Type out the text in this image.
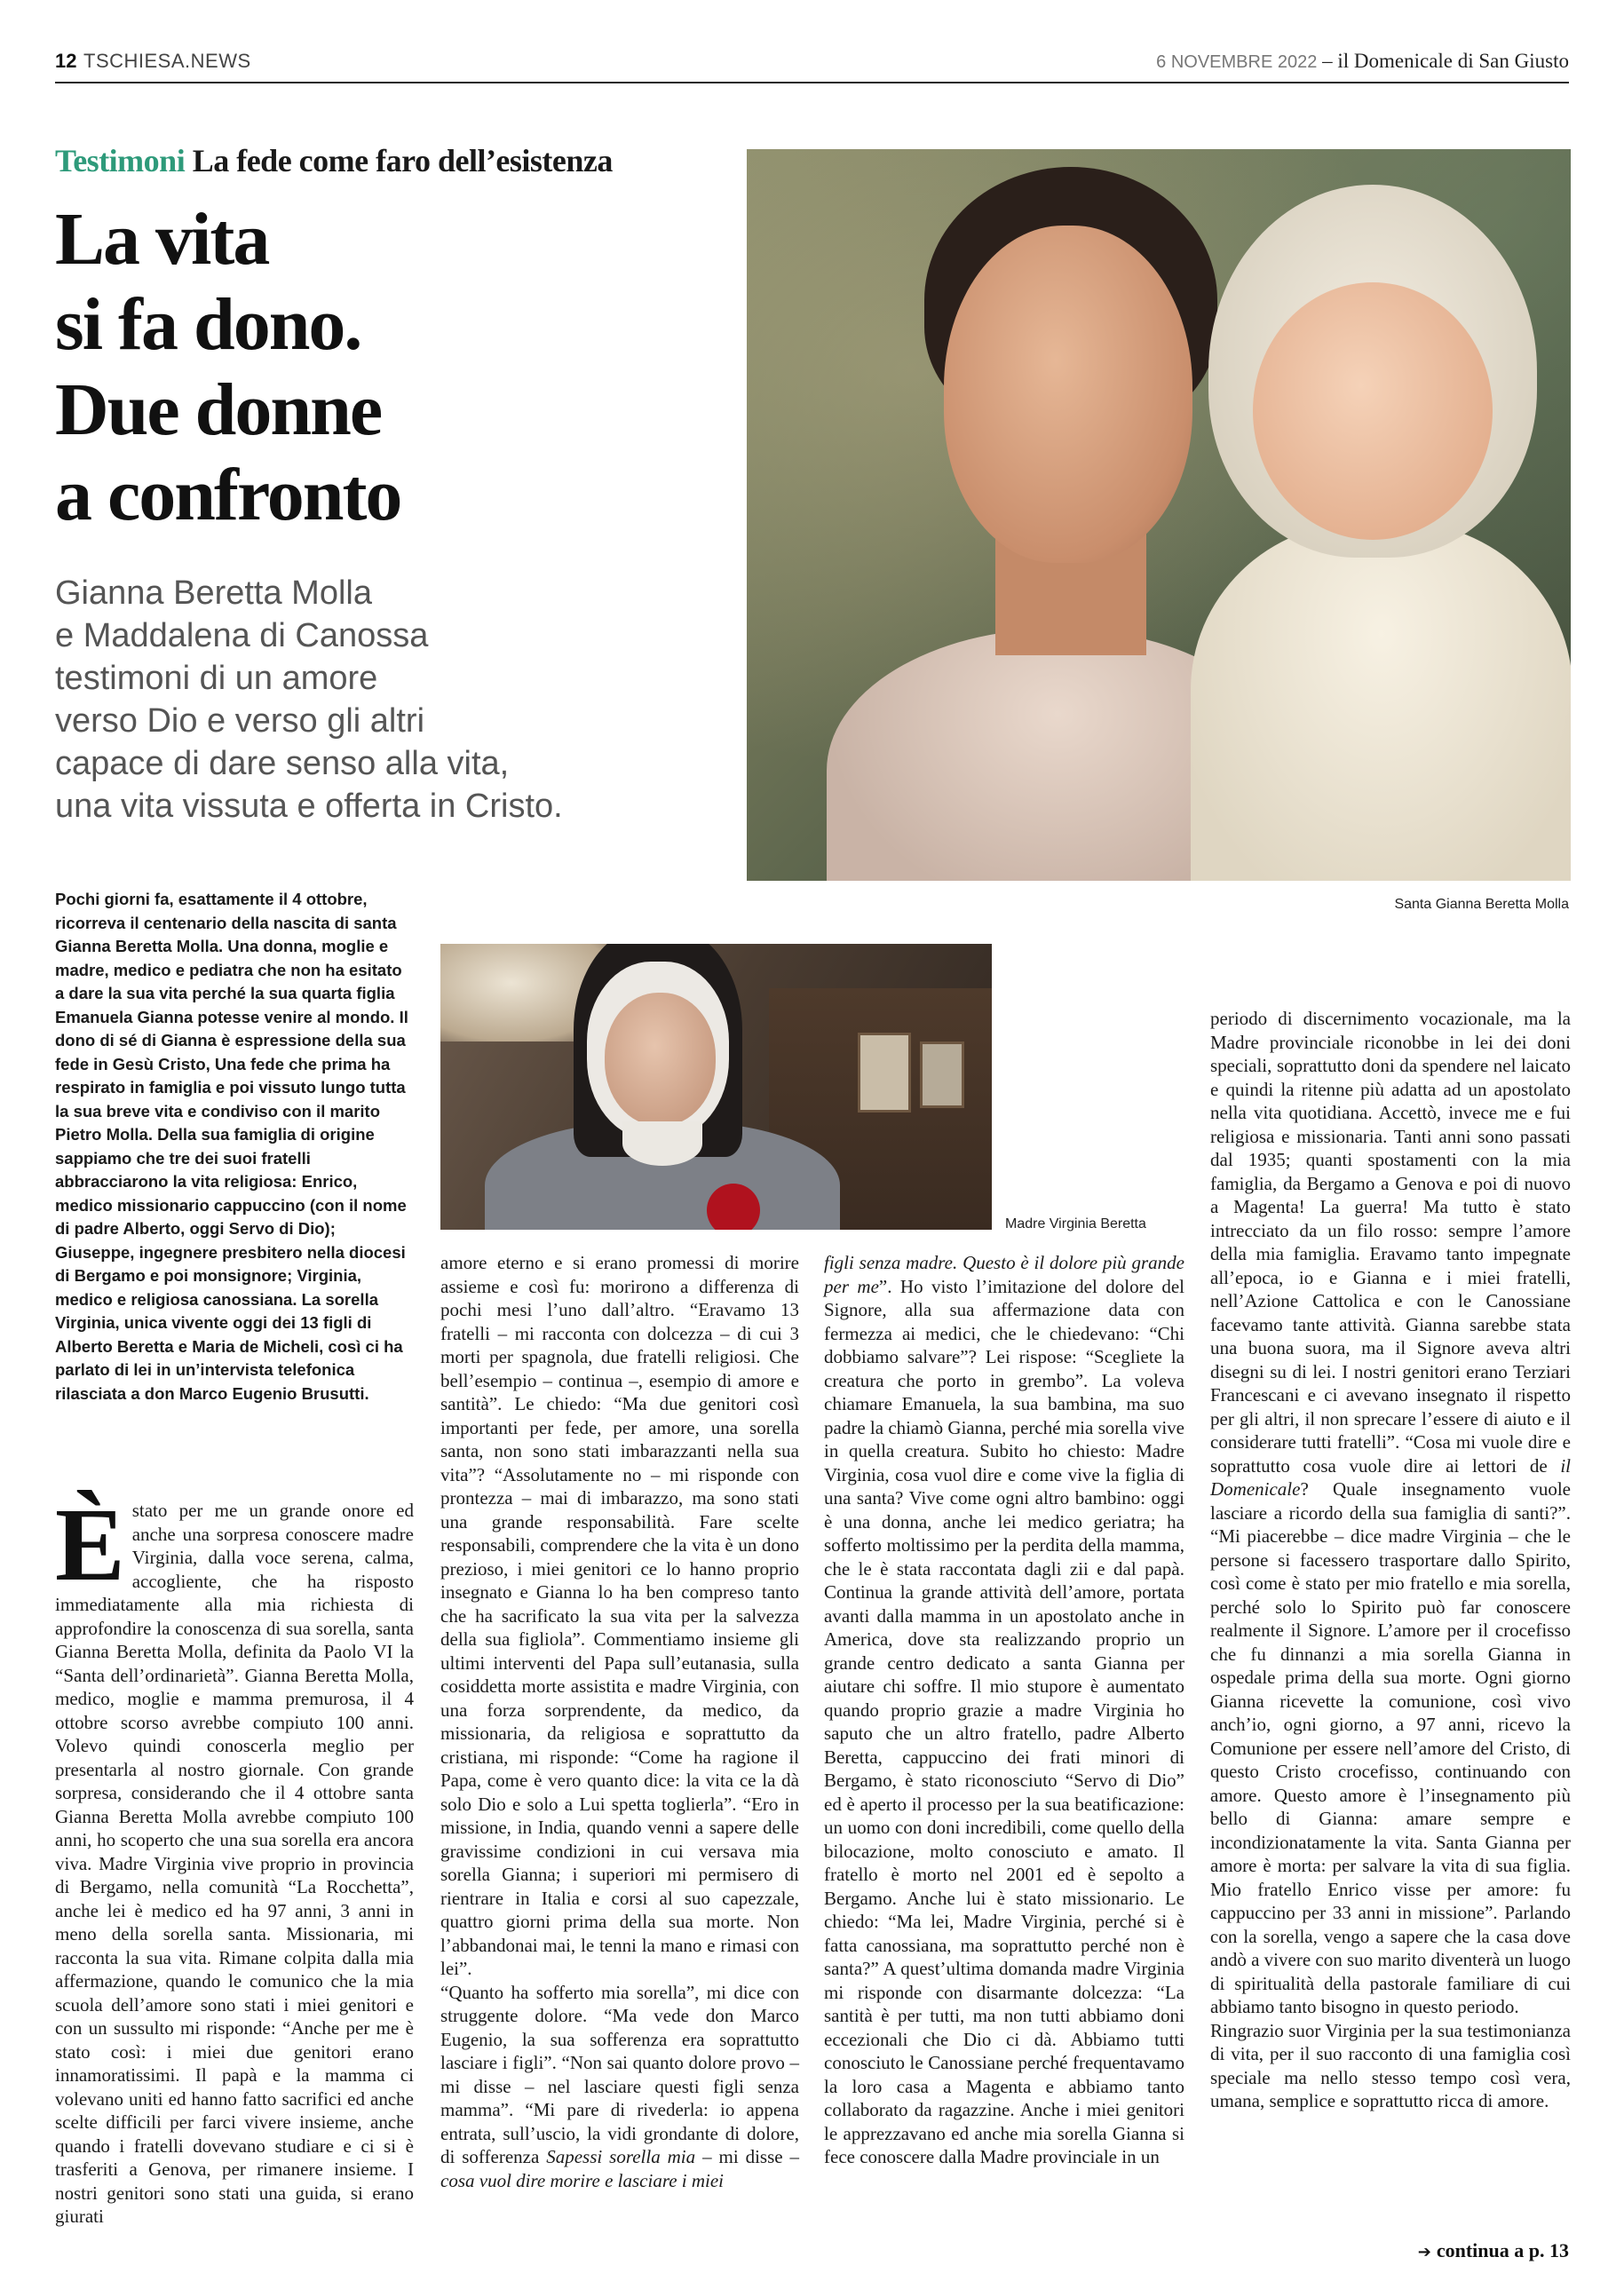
12 TSCHIESA.NEWS	6 NOVEMBRE 2022 – il Domenicale di San Giusto
Testimoni La fede come faro dell’esistenza
La vita
si fa dono.
Due donne
a confronto
Gianna Beretta Molla
e Maddalena di Canossa
testimoni di un amore
verso Dio e verso gli altri
capace di dare senso alla vita,
una vita vissuta e offerta in Cristo.
Santa Gianna Beretta Molla
Pochi giorni fa, esattamente il 4 ottobre, ricorreva il centenario della nascita di santa Gianna Beretta Molla. Una donna, moglie e madre, medico e pediatra che non ha esitato a dare la sua vita perché la sua quarta figlia Emanuela Gianna potesse venire al mondo. Il dono di sé di Gianna è espressione della sua fede in Gesù Cristo, Una fede che prima ha respirato in famiglia e poi vissuto lungo tutta la sua breve vita e condiviso con il marito Pietro Molla. Della sua famiglia di origine sappiamo che tre dei suoi fratelli abbracciarono la vita religiosa: Enrico, medico missionario cappuccino (con il nome di padre Alberto, oggi Servo di Dio); Giuseppe, ingegnere presbitero nella diocesi di Bergamo e poi monsignore; Virginia, medico e religiosa canossiana. La sorella Virginia, unica vivente oggi dei 13 figli di Alberto Beretta e Maria de Micheli, così ci ha parlato di lei in un’intervista telefonica rilasciata a don Marco Eugenio Brusutti.
Madre Virginia Beretta
Èstato per me un grande onore ed anche una sorpresa conoscere madre Virginia, dalla voce serena, calma, accogliente, che ha risposto immediatamente alla mia richiesta di approfondire la conoscenza di sua sorella, santa Gianna Beretta Molla, definita da Paolo VI la “Santa dell’ordinarietà”. Gianna Beretta Molla, medico, moglie e mamma premurosa, il 4 ottobre scorso avrebbe compiuto 100 anni. Volevo quindi conoscerla meglio per presentarla al nostro giornale. Con grande sorpresa, considerando che il 4 ottobre santa Gianna Beretta Molla avrebbe compiuto 100 anni, ho scoperto che una sua sorella era ancora viva. Madre Virginia vive proprio in provincia di Bergamo, nella comunità “La Rocchetta”, anche lei è medico ed ha 97 anni, 3 anni in meno della sorella santa. Missionaria, mi racconta la sua vita. Rimane colpita dalla mia affermazione, quando le comunico che la mia scuola dell’amore sono stati i miei genitori e con un sussulto mi risponde: “Anche per me è stato così: i miei due genitori erano innamoratissimi. Il papà e la mamma ci volevano uniti ed hanno fatto sacrifici ed anche scelte difficili per farci vivere insieme, anche quando i fratelli dovevano studiare e ci si è trasferiti a Genova, per rimanere insieme. I nostri genitori sono stati una guida, si erano giurati

amore eterno e si erano promessi di morire assieme e così fu: morirono a differenza di pochi mesi l’uno dall’altro. “Eravamo 13 fratelli – mi racconta con dolcezza – di cui 3 morti per spagnola, due fratelli religiosi. Che bell’esempio – continua –, esempio di amore e santità”. Le chiedo: “Ma due genitori così importanti per fede, per amore, una sorella santa, non sono stati imbarazzanti nella sua vita”? “Assolutamente no – mi risponde con prontezza – mai di imbarazzo, ma sono stati una grande responsabilità. Fare scelte responsabili, comprendere che la vita è un dono prezioso, i miei genitori ce lo hanno proprio insegnato e Gianna lo ha ben compreso tanto che ha sacrificato la sua vita per la salvezza della sua figliola”. Commentiamo insieme gli ultimi interventi del Papa sull’eutanasia, sulla cosiddetta morte assistita e madre Virginia, con una forza sorprendente, da medico, da missionaria, da religiosa e soprattutto da cristiana, mi risponde: “Come ha ragione il Papa, come è vero quanto dice: la vita ce la dà solo Dio e solo a Lui spetta toglierla”. “Ero in missione, in India, quando venni a sapere delle gravissime condizioni in cui versava mia sorella Gianna; i superiori mi permisero di rientrare in Italia e corsi al suo capezzale, quattro giorni prima della sua morte. Non l’abbandonai mai, le tenni la mano e rimasi con lei”.

“Quanto ha sofferto mia sorella”, mi dice con struggente dolore. “Ma vede don Marco Eugenio, la sua sofferenza era soprattutto lasciare i figli”. “Non sai quanto dolore provo – mi disse – nel lasciare questi figli senza mamma”. “Mi pare di rivederla: io appena entrata, sull’uscio, la vidi grondante di dolore, di sofferenza Sapessi sorella mia – mi disse – cosa vuol dire morire e lasciare i miei

figli senza madre. Questo è il dolore più grande per me”. Ho visto l’imitazione del dolore del Signore, alla sua affermazione data con fermezza ai medici, che le chiedevano: “Chi dobbiamo salvare”? Lei rispose: “Scegliete la creatura che porto in grembo”. La voleva chiamare Emanuela, la sua bambina, ma suo padre la chiamò Gianna, perché mia sorella vive in quella creatura. Subito ho chiesto: Madre Virginia, cosa vuol dire e come vive la figlia di una santa? Vive come ogni altro bambino: oggi è una donna, anche lei medico geriatra; ha sofferto moltissimo per la perdita della mamma, che le è stata raccontata dagli zii e dal papà. Continua la grande attività dell’amore, portata avanti dalla mamma in un apostolato anche in America, dove sta realizzando proprio un grande centro dedicato a santa Gianna per aiutare chi soffre. Il mio stupore è aumentato quando proprio grazie a madre Virginia ho saputo che un altro fratello, padre Alberto Beretta, cappuccino dei frati minori di Bergamo, è stato riconosciuto “Servo di Dio” ed è aperto il processo per la sua beatificazione: un uomo con doni incredibili, come quello della bilocazione, molto conosciuto e amato. Il fratello è morto nel 2001 ed è sepolto a Bergamo. Anche lui è stato missionario. Le chiedo: “Ma lei, Madre Virginia, perché si è fatta canossiana, ma soprattutto perché non è santa?” A quest’ultima domanda madre Virginia mi risponde con disarmante dolcezza: “La santità è per tutti, ma non tutti abbiamo doni eccezionali che Dio ci dà. Abbiamo tutti conosciuto le Canossiane perché frequentavamo la loro casa a Magenta e abbiamo tanto collaborato da ragazzine. Anche i miei genitori le apprezzavano ed anche mia sorella Gianna si fece conoscere dalla Madre provinciale in un

periodo di discernimento vocazionale, ma la Madre provinciale riconobbe in lei dei doni speciali, soprattutto doni da spendere nel laicato e quindi la ritenne più adatta ad un apostolato nella vita quotidiana. Accettò, invece me e fui religiosa e missionaria. Tanti anni sono passati dal 1935; quanti spostamenti con la mia famiglia, da Bergamo a Genova e poi di nuovo a Magenta! La guerra! Ma tutto è stato intrecciato da un filo rosso: sempre l’amore della mia famiglia. Eravamo tanto impegnate all’epoca, io e Gianna e i miei fratelli, nell’Azione Cattolica e con le Canossiane facevamo tante attività. Gianna sarebbe stata una buona suora, ma il Signore aveva altri disegni su di lei. I nostri genitori erano Terziari Francescani e ci avevano insegnato il rispetto per gli altri, il non sprecare l’essere di aiuto e il considerare tutti fratelli”. “Cosa mi vuole dire e soprattutto cosa vuole dire ai lettori de il Domenicale? Quale insegnamento vuole lasciare a ricordo della sua famiglia di santi?”. “Mi piacerebbe – dice madre Virginia – che le persone si facessero trasportare dallo Spirito, così come è stato per mio fratello e mia sorella, perché solo lo Spirito può far conoscere realmente il Signore. L’amore per il crocefisso che fu dinnanzi a mia sorella Gianna in ospedale prima della sua morte. Ogni giorno Gianna ricevette la comunione, così vivo anch’io, ogni giorno, a 97 anni, ricevo la Comunione per essere nell’amore del Cristo, di questo Cristo crocefisso, continuando con amore. Questo amore è l’insegnamento più bello di Gianna: amare sempre e incondizionatamente la vita. Santa Gianna per amore è morta: per salvare la vita di sua figlia. Mio fratello Enrico visse per amore: fu cappuccino per 33 anni in missione”. Parlando con la sorella, vengo a sapere che la casa dove andò a vivere con suo marito diventerà un luogo di spiritualità della pastorale familiare di cui abbiamo tanto bisogno in questo periodo.

Ringrazio suor Virginia per la sua testimonianza di vita, per il suo racconto di una famiglia così speciale ma nello stesso tempo così vera, umana, semplice e soprattutto ricca di amore.

➔ continua a p. 13
